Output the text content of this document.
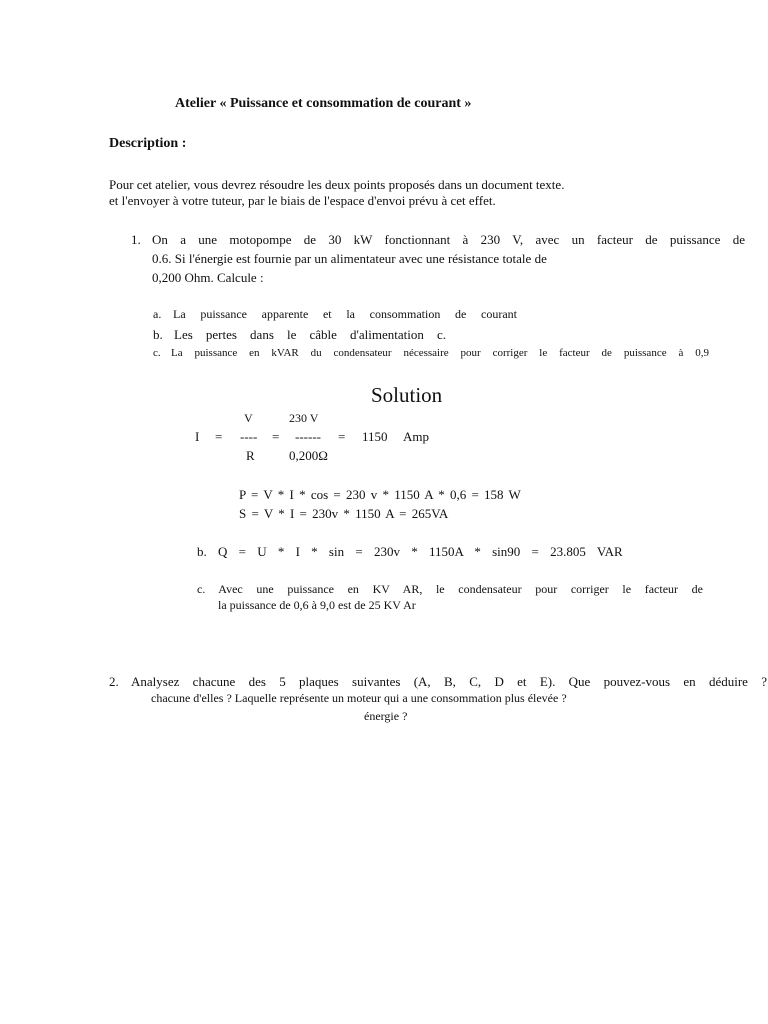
Atelier « Puissance et consommation de courant »
Description :
Pour cet atelier, vous devrez résoudre les deux points proposés dans un document texte.
et l'envoyer à votre tuteur, par le biais de l'espace d'envoi prévu à cet effet.
1. On a une motopompe de 30 kW fonctionnant à 230 V, avec un facteur de puissance de
0.6. Si l'énergie est fournie par un alimentateur avec une résistance totale de
0,200 Ohm. Calcule :
a. La puissance apparente et la consommation de courant
b. Les pertes dans le câble d'alimentation c.
c. La puissance en kVAR du condensateur nécessaire pour corriger le facteur de puissance à 0,9
Solution
V	230 V
I = ---- = ------ = 1150 Amp
R	0,200Ω
P = V * I * cos = 230 v * 1150 A * 0,6 = 158 W
S = V * I = 230v * 1150 A = 265VA
b. Q = U * I * sin = 230v * 1150A * sin90 = 23.805 VAR
c. Avec une puissance en KV AR, le condensateur pour corriger le facteur de
la puissance de 0,6 à 9,0 est de 25 KV Ar
2. Analysez chacune des 5 plaques suivantes (A, B, C, D et E). Que pouvez-vous en déduire ?
chacune d'elles ? Laquelle représente un moteur qui a une consommation plus élevée ?
énergie ?
